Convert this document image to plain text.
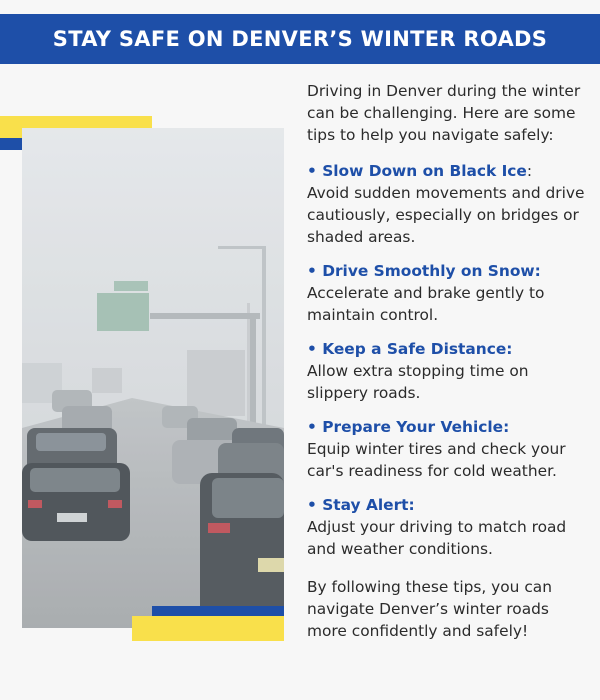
STAY SAFE ON DENVER’S WINTER ROADS

Driving in Denver during the winter can be challenging. Here are some tips to help you navigate safely:

• Slow Down on Black Ice:
Avoid sudden movements and drive cautiously, especially on bridges or shaded areas.
• Drive Smoothly on Snow:
Accelerate and brake gently to maintain control.
• Keep a Safe Distance:
Allow extra stopping time on slippery roads.
• Prepare Your Vehicle:
Equip winter tires and check your car's readiness for cold weather.
• Stay Alert:
Adjust your driving to match road and weather conditions.

By following these tips, you can navigate Denver’s winter roads more confidently and safely!
